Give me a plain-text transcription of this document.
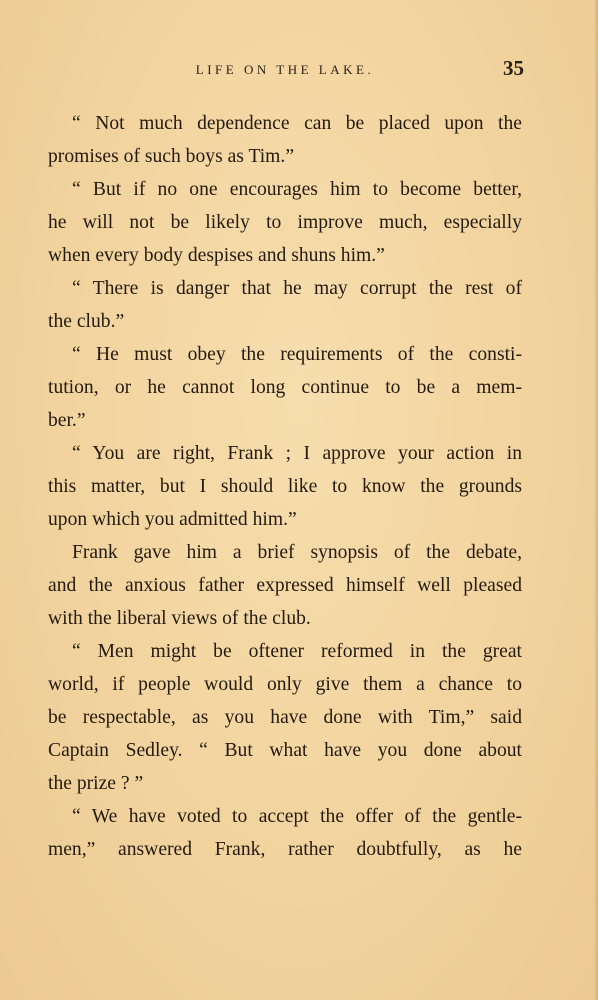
LIFE ON THE LAKE.	35
“ Not much dependence can be placed upon the
promises of such boys as Tim.”
“ But if no one encourages him to become better,
he will not be likely to improve much, especially
when every body despises and shuns him.”
“ There is danger that he may corrupt the rest of
the club.”
“ He must obey the requirements of the consti-
tution, or he cannot long continue to be a mem-
ber.”
“ You are right, Frank ; I approve your action in
this matter, but I should like to know the grounds
upon which you admitted him.”
Frank gave him a brief synopsis of the debate,
and the anxious father expressed himself well pleased
with the liberal views of the club.
“ Men might be oftener reformed in the great
world, if people would only give them a chance to
be respectable, as you have done with Tim,” said
Captain Sedley. “ But what have you done about
the prize ? ”
“ We have voted to accept the offer of the gentle-
men,” answered Frank, rather doubtfully, as he
